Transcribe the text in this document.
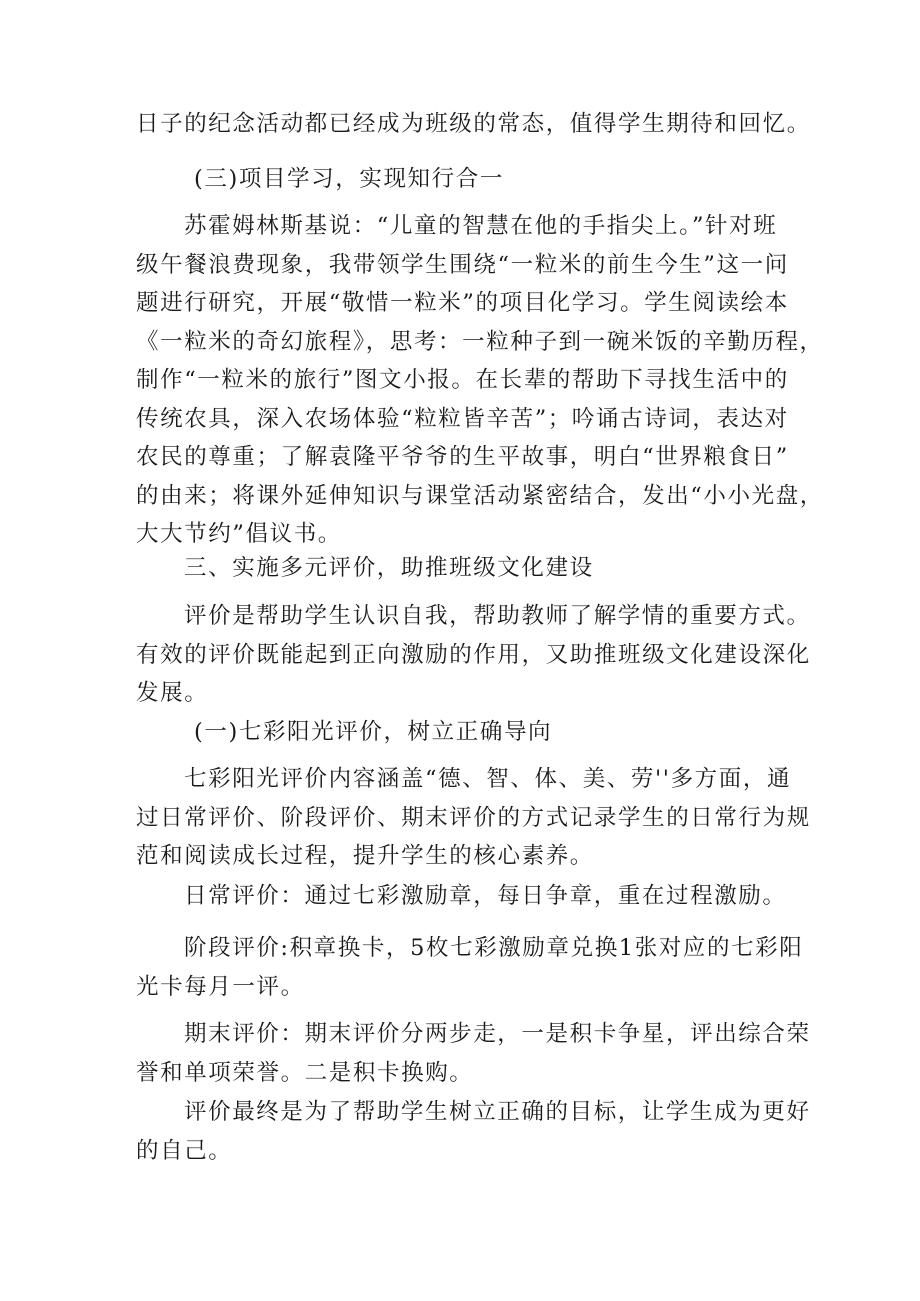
日子的纪念活动都已经成为班级的常态，值得学生期待和回忆。
(三)项目学习，实现知行合一
苏霍姆林斯基说：“儿童的智慧在他的手指尖上。”针对班
级午餐浪费现象，我带领学生围绕“一粒米的前生今生”这一问
题进行研究，开展“敬惜一粒米”的项目化学习。学生阅读绘本
《一粒米的奇幻旅程》，思考：一粒种子到一碗米饭的辛勤历程，
制作“一粒米的旅行”图文小报。在长辈的帮助下寻找生活中的
传统农具，深入农场体验“粒粒皆辛苦”；吟诵古诗词，表达对
农民的尊重；了解袁隆平爷爷的生平故事，明白“世界粮食日”
的由来；将课外延伸知识与课堂活动紧密结合，发出“小小光盘，
大大节约”倡议书。
三、实施多元评价，助推班级文化建设
评价是帮助学生认识自我，帮助教师了解学情的重要方式。
有效的评价既能起到正向激励的作用，又助推班级文化建设深化
发展。
(一)七彩阳光评价，树立正确导向
七彩阳光评价内容涵盖“德、智、体、美、劳''多方面，通
过日常评价、阶段评价、期末评价的方式记录学生的日常行为规
范和阅读成长过程，提升学生的核心素养。
日常评价：通过七彩激励章，每日争章，重在过程激励。
阶段评价:积章换卡，5枚七彩激励章兑换1张对应的七彩阳
光卡每月一评。
期末评价：期末评价分两步走，一是积卡争星，评出综合荣
誉和单项荣誉。二是积卡换购。
评价最终是为了帮助学生树立正确的目标，让学生成为更好
的自己。
